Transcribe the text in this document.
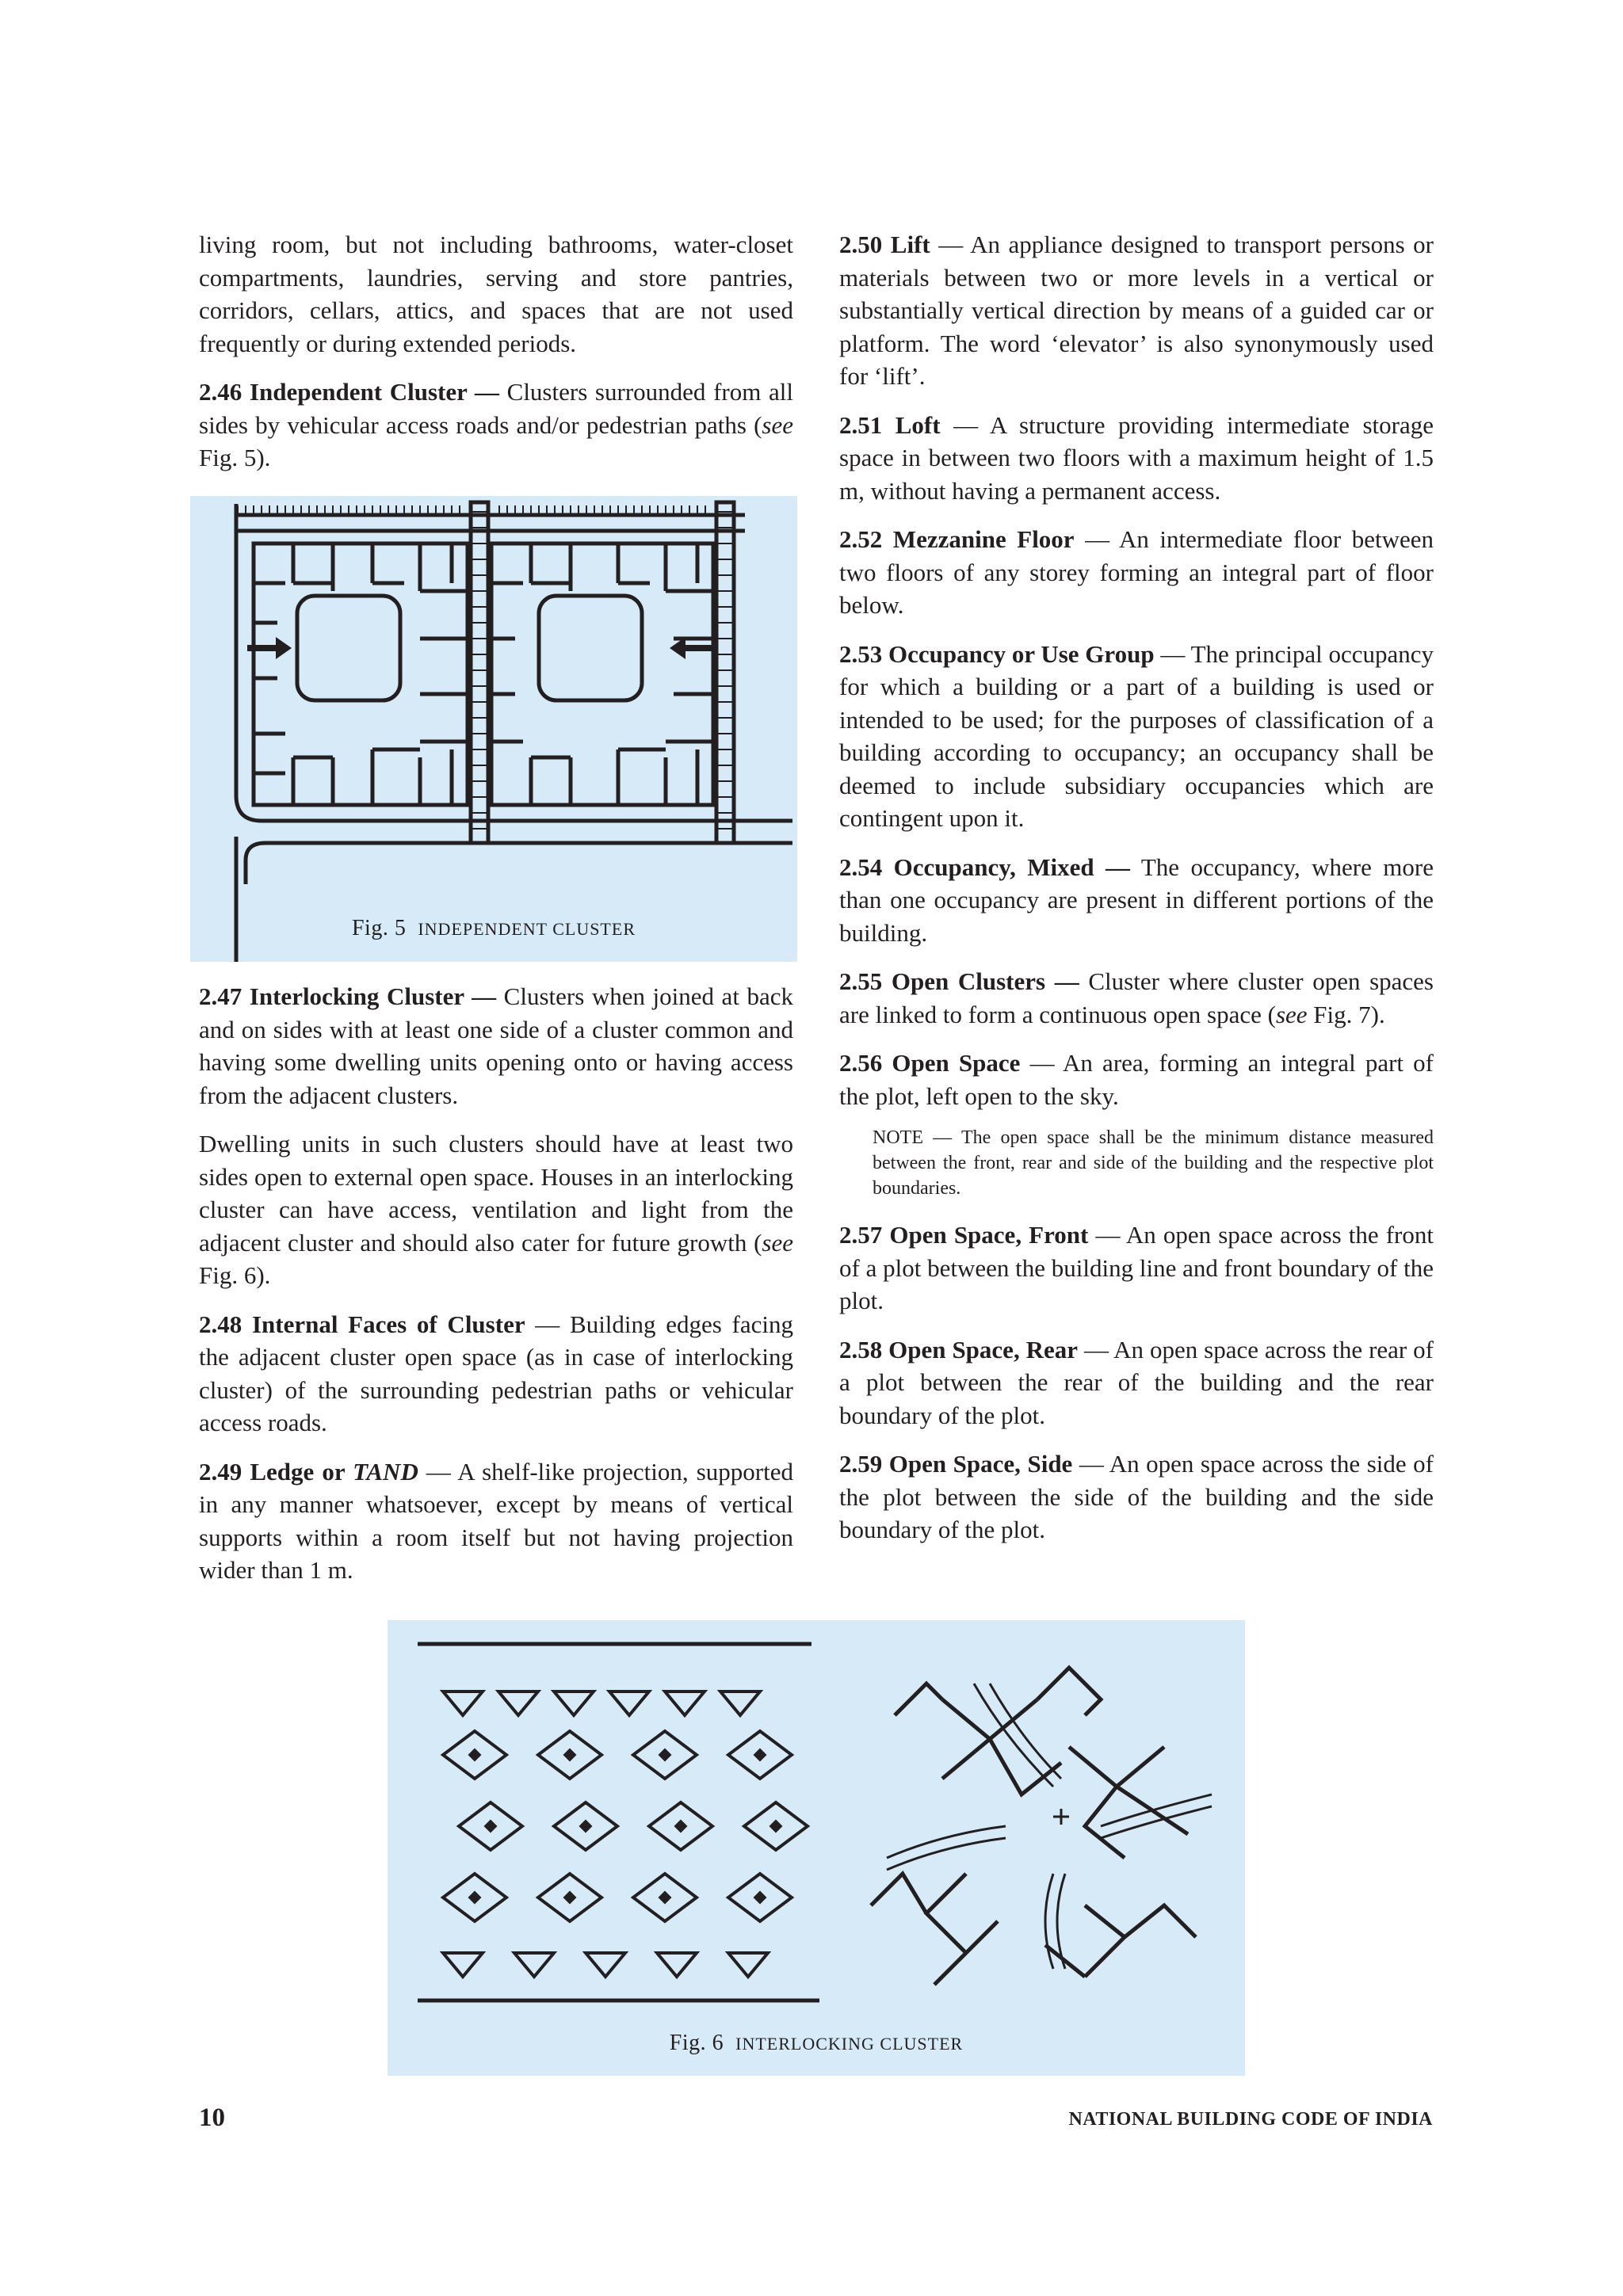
living room, but not including bathrooms, water-closet compartments, laundries, serving and store pantries, corridors, cellars, attics, and spaces that are not used frequently or during extended periods.

2.46 Independent Cluster — Clusters surrounded from all sides by vehicular access roads and/or pedestrian paths (see Fig. 5).

Fig. 5 INDEPENDENT CLUSTER

2.47 Interlocking Cluster — Clusters when joined at back and on sides with at least one side of a cluster common and having some dwelling units opening onto or having access from the adjacent clusters.

Dwelling units in such clusters should have at least two sides open to external open space. Houses in an interlocking cluster can have access, ventilation and light from the adjacent cluster and should also cater for future growth (see Fig. 6).

2.48 Internal Faces of Cluster — Building edges facing the adjacent cluster open space (as in case of interlocking cluster) of the surrounding pedestrian paths or vehicular access roads.

2.49 Ledge or TAND — A shelf-like projection, supported in any manner whatsoever, except by means of vertical supports within a room itself but not having projection wider than 1 m.

2.50 Lift — An appliance designed to transport persons or materials between two or more levels in a vertical or substantially vertical direction by means of a guided car or platform. The word ‘elevator’ is also synonymously used for ‘lift’.

2.51 Loft — A structure providing intermediate storage space in between two floors with a maximum height of 1.5 m, without having a permanent access.

2.52 Mezzanine Floor — An intermediate floor between two floors of any storey forming an integral part of floor below.

2.53 Occupancy or Use Group — The principal occupancy for which a building or a part of a building is used or intended to be used; for the purposes of classification of a building according to occupancy; an occupancy shall be deemed to include subsidiary occupancies which are contingent upon it.

2.54 Occupancy, Mixed — The occupancy, where more than one occupancy are present in different portions of the building.

2.55 Open Clusters — Cluster where cluster open spaces are linked to form a continuous open space (see Fig. 7).

2.56 Open Space — An area, forming an integral part of the plot, left open to the sky.

NOTE — The open space shall be the minimum distance measured between the front, rear and side of the building and the respective plot boundaries.

2.57 Open Space, Front — An open space across the front of a plot between the building line and front boundary of the plot.

2.58 Open Space, Rear — An open space across the rear of a plot between the rear of the building and the rear boundary of the plot.

2.59 Open Space, Side — An open space across the side of the plot between the side of the building and the side boundary of the plot.

Fig. 6 INTERLOCKING CLUSTER
10	NATIONAL BUILDING CODE OF INDIA
